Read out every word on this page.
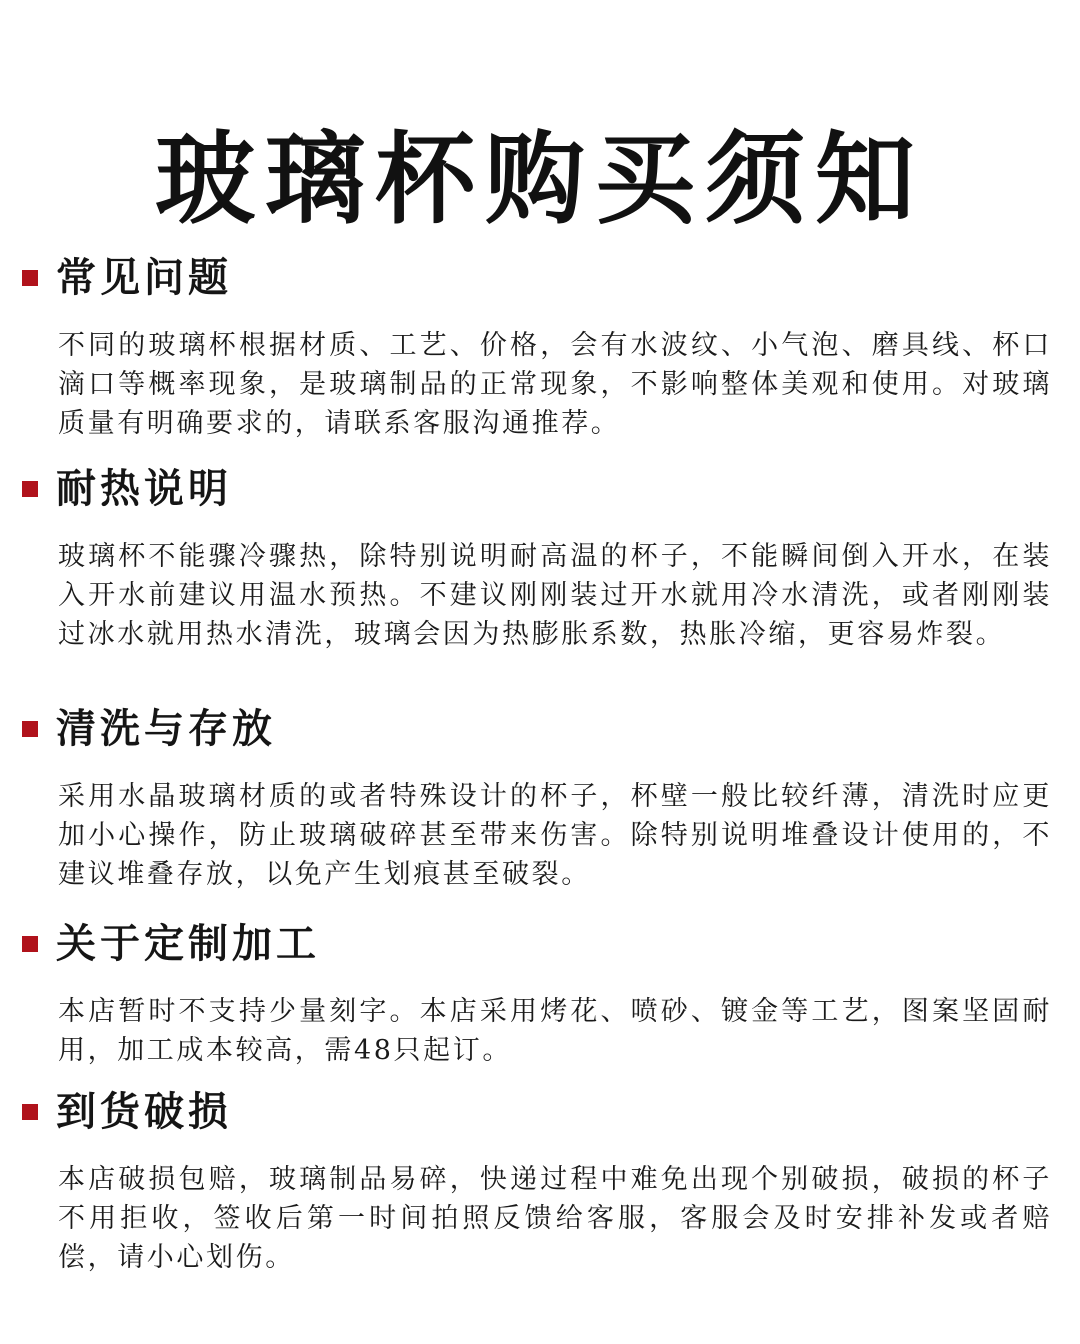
玻璃杯购买须知
常见问题
不同的玻璃杯根据材质、工艺、价格，会有水波纹、小气泡、磨具线、杯口滴口等概率现象，是玻璃制品的正常现象，不影响整体美观和使用。对玻璃质量有明确要求的，请联系客服沟通推荐。
耐热说明
玻璃杯不能骤冷骤热，除特别说明耐高温的杯子，不能瞬间倒入开水，在装入开水前建议用温水预热。不建议刚刚装过开水就用冷水清洗，或者刚刚装过冰水就用热水清洗，玻璃会因为热膨胀系数，热胀冷缩，更容易炸裂。
清洗与存放
采用水晶玻璃材质的或者特殊设计的杯子，杯壁一般比较纤薄，清洗时应更加小心操作，防止玻璃破碎甚至带来伤害。除特别说明堆叠设计使用的，不建议堆叠存放，以免产生划痕甚至破裂。
关于定制加工
本店暂时不支持少量刻字。本店采用烤花、喷砂、镀金等工艺，图案坚固耐用，加工成本较高，需48只起订。
到货破损
本店破损包赔，玻璃制品易碎，快递过程中难免出现个别破损，破损的杯子不用拒收，签收后第一时间拍照反馈给客服，客服会及时安排补发或者赔偿，请小心划伤。
